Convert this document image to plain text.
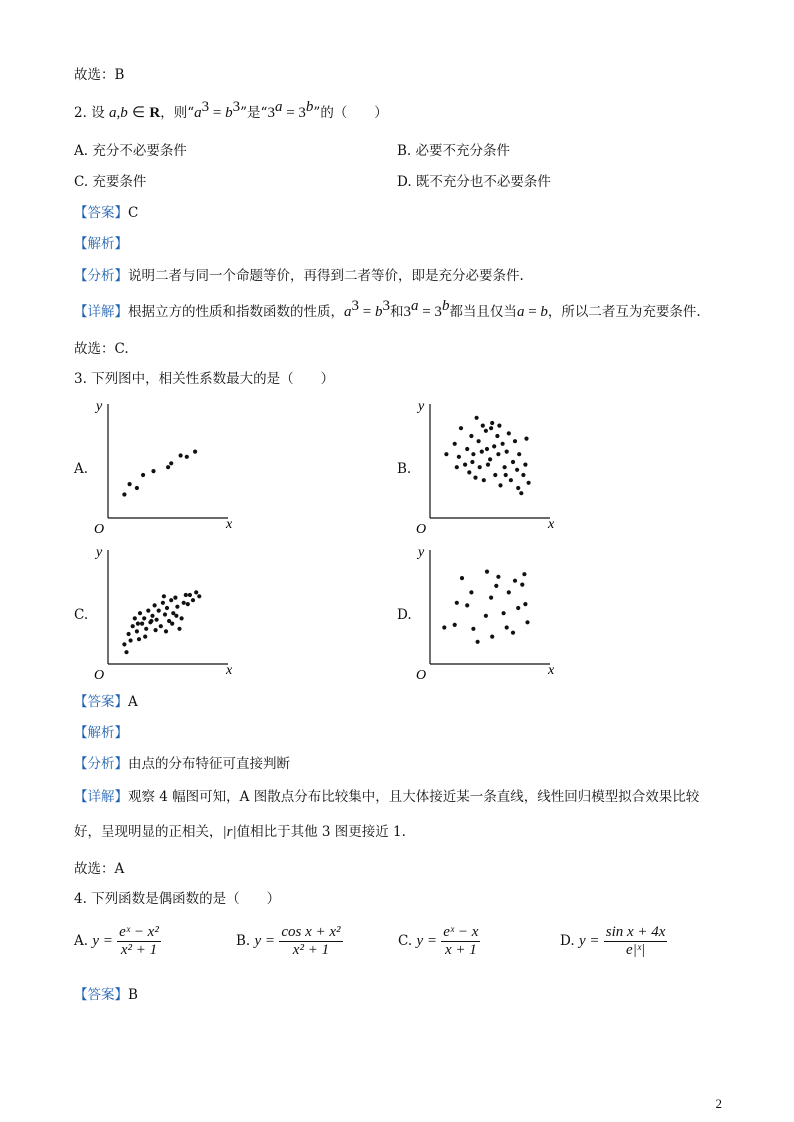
故选：B
2. 设 a,b ∈ R，则“$a^3 = b^3$”是“$3^a = 3^b$”的（　　）
A. 充分不必要条件	B. 必要不充分条件
C. 充要条件	D. 既不充分也不必要条件
【答案】C
【解析】
【分析】说明二者与同一个命题等价，再得到二者等价，即是充分必要条件.
【详解】根据立方的性质和指数函数的性质，$a^3 = b^3$和$3^a = 3^b$都当且仅当a = b，所以二者互为充要条件.
故选：C.
3. 下列图中，相关性系数最大的是（　　）
A.	B.
C.	D.
x
y
O	x
y
O
x
y
O	x
y
O
【答案】A
【解析】
【分析】由点的分布特征可直接判断
【详解】观察 4 幅图可知，A 图散点分布比较集中，且大体接近某一条直线，线性回归模型拟合效果比较
好，呈现明显的正相关，|r|值相比于其他 3 图更接近 1.
故选：A
4. 下列函数是偶函数的是（　　）
A. $y = \frac{\text{eˣ − x²}}{\text{x² + 1}}$	B. $y = \frac{\text{cos x + x²}}{\text{x² + 1}}$	C. $y = \frac{\text{eˣ − x}}{x + 1}$	D. $y = \frac{\text{sin x + 4x}}{\text{e|ˣ|}}$
【答案】B
2
